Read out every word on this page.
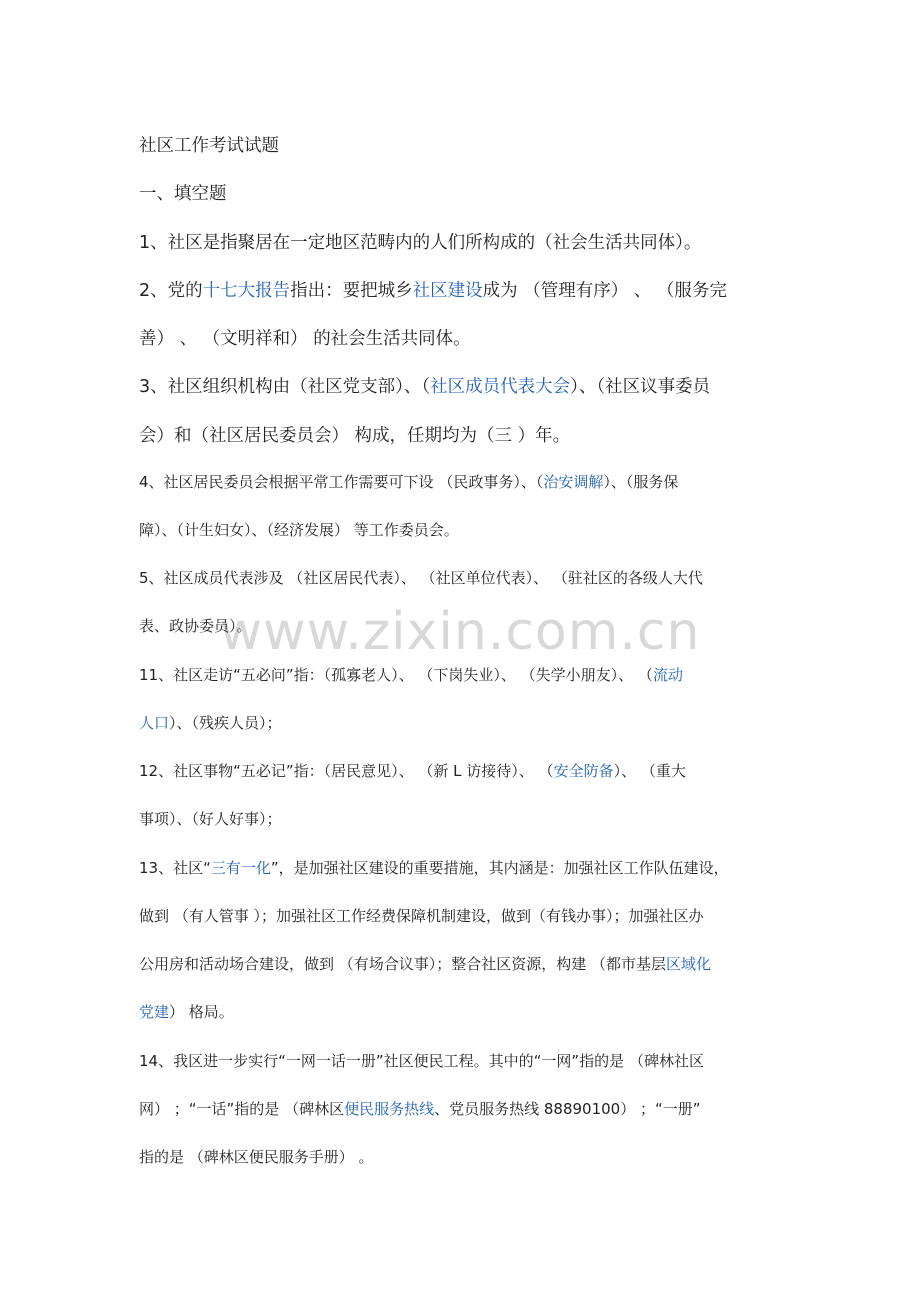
www.zixin.com.cn
社区工作考试试题
一、填空题
1、社区是指聚居在一定地区范畴内的人们所构成的（社会生活共同体）。
2、党的十七大报告指出：要把城乡社区建设成为 （管理有序） 、 （服务完
善） 、 （文明祥和） 的社会生活共同体。
3、社区组织机构由（社区党支部）、（社区成员代表大会）、（社区议事委员
会）和（社区居民委员会） 构成，任期均为（三 ）年。
4、社区居民委员会根据平常工作需要可下设 （民政事务）、（治安调解）、（服务保
障）、（计生妇女）、（经济发展） 等工作委员会。
5、社区成员代表涉及 （社区居民代表）、 （社区单位代表）、 （驻社区的各级人大代
表、政协委员）。
11、社区走访“五必问”指：（孤寡老人）、 （下岗失业）、 （失学小朋友）、 （流动
人口）、（残疾人员）；
12、社区事物“五必记”指：（居民意见）、 （新 L 访接待）、 （安全防备）、 （重大
事项）、（好人好事）；
13、社区“三有一化”，是加强社区建设的重要措施，其内涵是：加强社区工作队伍建设，
做到 （有人管事 ）；加强社区工作经费保障机制建设，做到（有钱办事）；加强社区办
公用房和活动场合建设，做到 （有场合议事）；整合社区资源，构建 （都市基层区域化
党建） 格局。
14、我区进一步实行“一网一话一册”社区便民工程。其中的“一网”指的是 （碑林社区
网） ；“一话”指的是 （碑林区便民服务热线、党员服务热线 88890100） ；“一册”
指的是 （碑林区便民服务手册） 。
